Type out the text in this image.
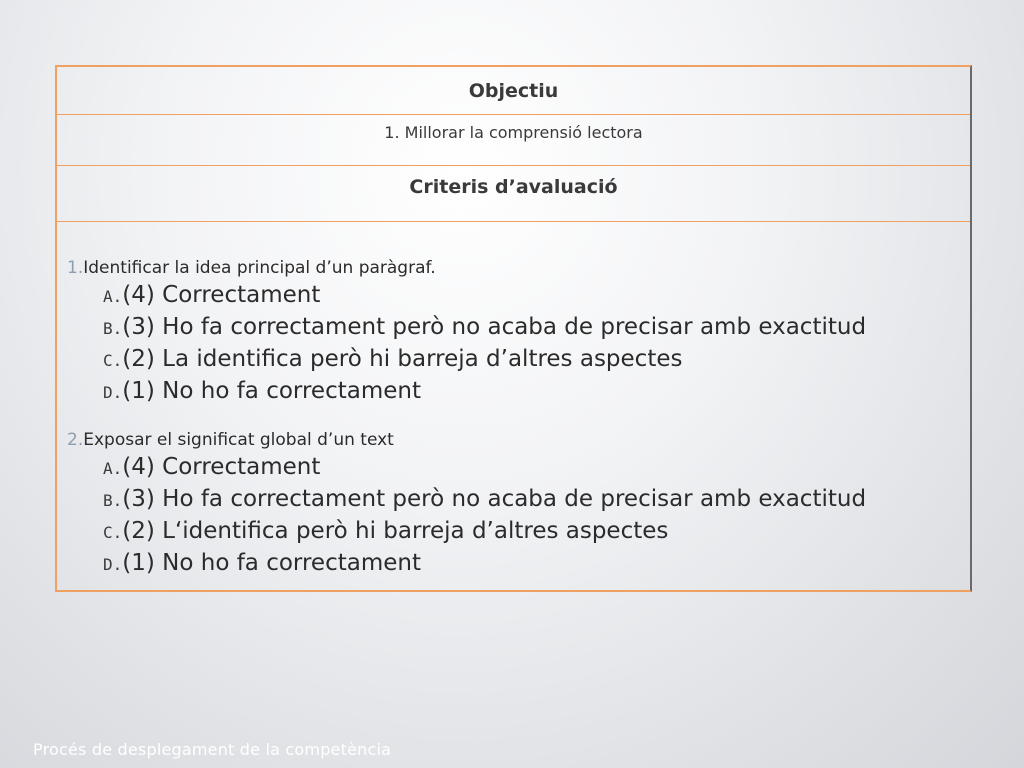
Objectiu
1. Millorar la comprensió lectora
Criteris d’avaluació
1.Identificar la idea principal d’un paràgraf.
A.(4) Correctament
B.(3) Ho fa correctament però no acaba de precisar amb exactitud
C.(2) La identifica però hi barreja d’altres aspectes
D.(1) No ho fa correctament
2.Exposar el significat global d’un text
A.(4) Correctament
B.(3) Ho fa correctament però no acaba de precisar amb exactitud
C.(2) L‘identifica però hi barreja d’altres aspectes
D.(1) No ho fa correctament
Procés de desplegament de la competència
